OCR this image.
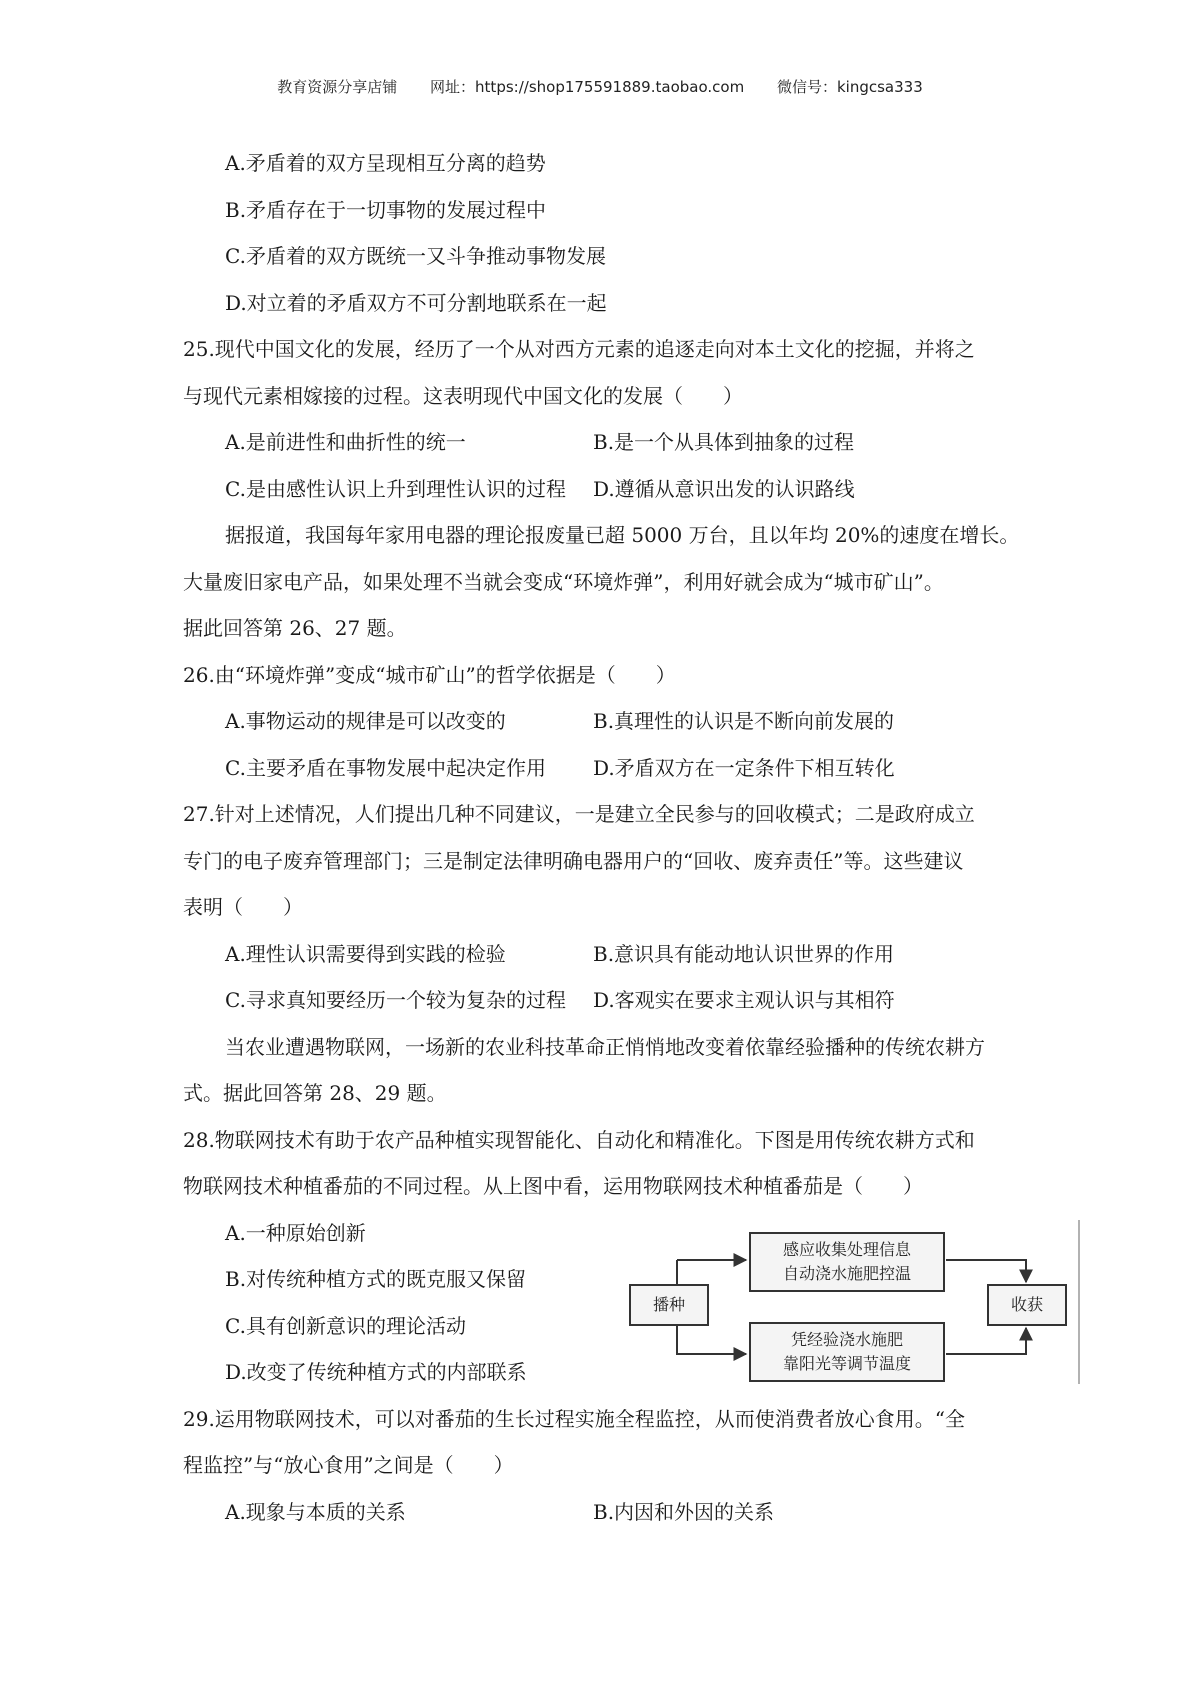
教育资源分享店铺 网址：https://shop175591889.taobao.com 微信号：kingcsa333
A.矛盾着的双方呈现相互分离的趋势
B.矛盾存在于一切事物的发展过程中
C.矛盾着的双方既统一又斗争推动事物发展
D.对立着的矛盾双方不可分割地联系在一起
25.现代中国文化的发展，经历了一个从对西方元素的追逐走向对本土文化的挖掘，并将之
与现代元素相嫁接的过程。这表明现代中国文化的发展（　　）
A.是前进性和曲折性的统一	B.是一个从具体到抽象的过程
C.是由感性认识上升到理性认识的过程	D.遵循从意识出发的认识路线
据报道，我国每年家用电器的理论报废量已超 5000 万台，且以年均 20%的速度在增长。
大量废旧家电产品，如果处理不当就会变成“环境炸弹”，利用好就会成为“城市矿山”。
据此回答第 26、27 题。
26.由“环境炸弹”变成“城市矿山”的哲学依据是（　　）
A.事物运动的规律是可以改变的	B.真理性的认识是不断向前发展的
C.主要矛盾在事物发展中起决定作用	D.矛盾双方在一定条件下相互转化
27.针对上述情况，人们提出几种不同建议，一是建立全民参与的回收模式；二是政府成立
专门的电子废弃管理部门；三是制定法律明确电器用户的“回收、废弃责任”等。这些建议
表明（　　）
A.理性认识需要得到实践的检验	B.意识具有能动地认识世界的作用
C.寻求真知要经历一个较为复杂的过程	D.客观实在要求主观认识与其相符
当农业遭遇物联网，一场新的农业科技革命正悄悄地改变着依靠经验播种的传统农耕方
式。据此回答第 28、29 题。
28.物联网技术有助于农产品种植实现智能化、自动化和精准化。下图是用传统农耕方式和
物联网技术种植番茄的不同过程。从上图中看，运用物联网技术种植番茄是（　　）
A.一种原始创新
B.对传统种植方式的既克服又保留
C.具有创新意识的理论活动
D.改变了传统种植方式的内部联系
29.运用物联网技术，可以对番茄的生长过程实施全程监控，从而使消费者放心食用。“全
程监控”与“放心食用”之间是（　　）
A.现象与本质的关系	B.内因和外因的关系
播种
感应收集处理信息
自动浇水施肥控温
凭经验浇水施肥
靠阳光等调节温度
收获
